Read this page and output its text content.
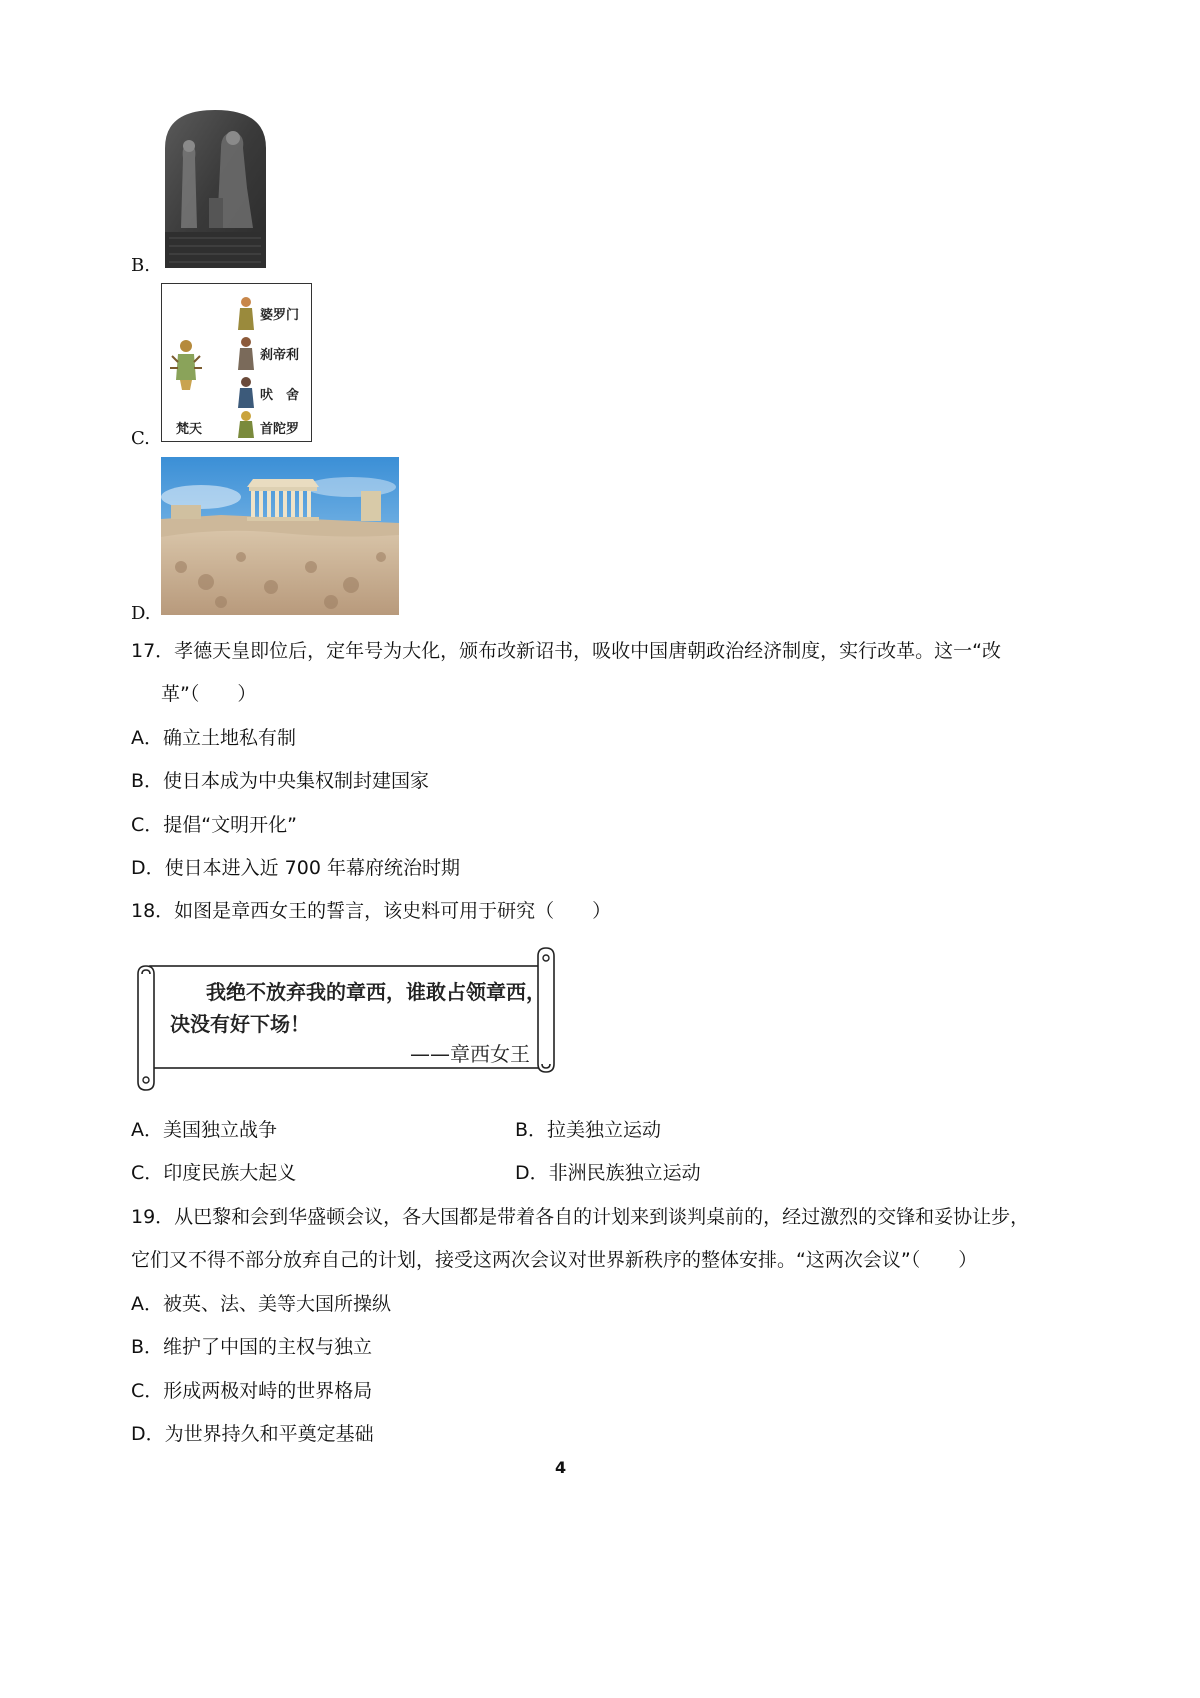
B.
C.
婆罗门
刹帝利
吠　舍
首陀罗
梵天
D.
17．孝德天皇即位后，定年号为大化，颁布改新诏书，吸收中国唐朝政治经济制度，实行改革。这一“改
革”（　　）
A．确立土地私有制
B．使日本成为中央集权制封建国家
C．提倡“文明开化”
D．使日本进入近 700 年幕府统治时期
18．如图是章西女王的誓言，该史料可用于研究（　　）
我绝不放弃我的章西，谁敢占领章西，
决没有好下场！
——章西女王
A．美国独立战争	B．拉美独立运动
C．印度民族大起义	D．非洲民族独立运动
19．从巴黎和会到华盛顿会议，各大国都是带着各自的计划来到谈判桌前的，经过激烈的交锋和妥协让步，
它们又不得不部分放弃自己的计划，接受这两次会议对世界新秩序的整体安排。“这两次会议”（　　）
A．被英、法、美等大国所操纵
B．维护了中国的主权与独立
C．形成两极对峙的世界格局
D．为世界持久和平奠定基础
4
